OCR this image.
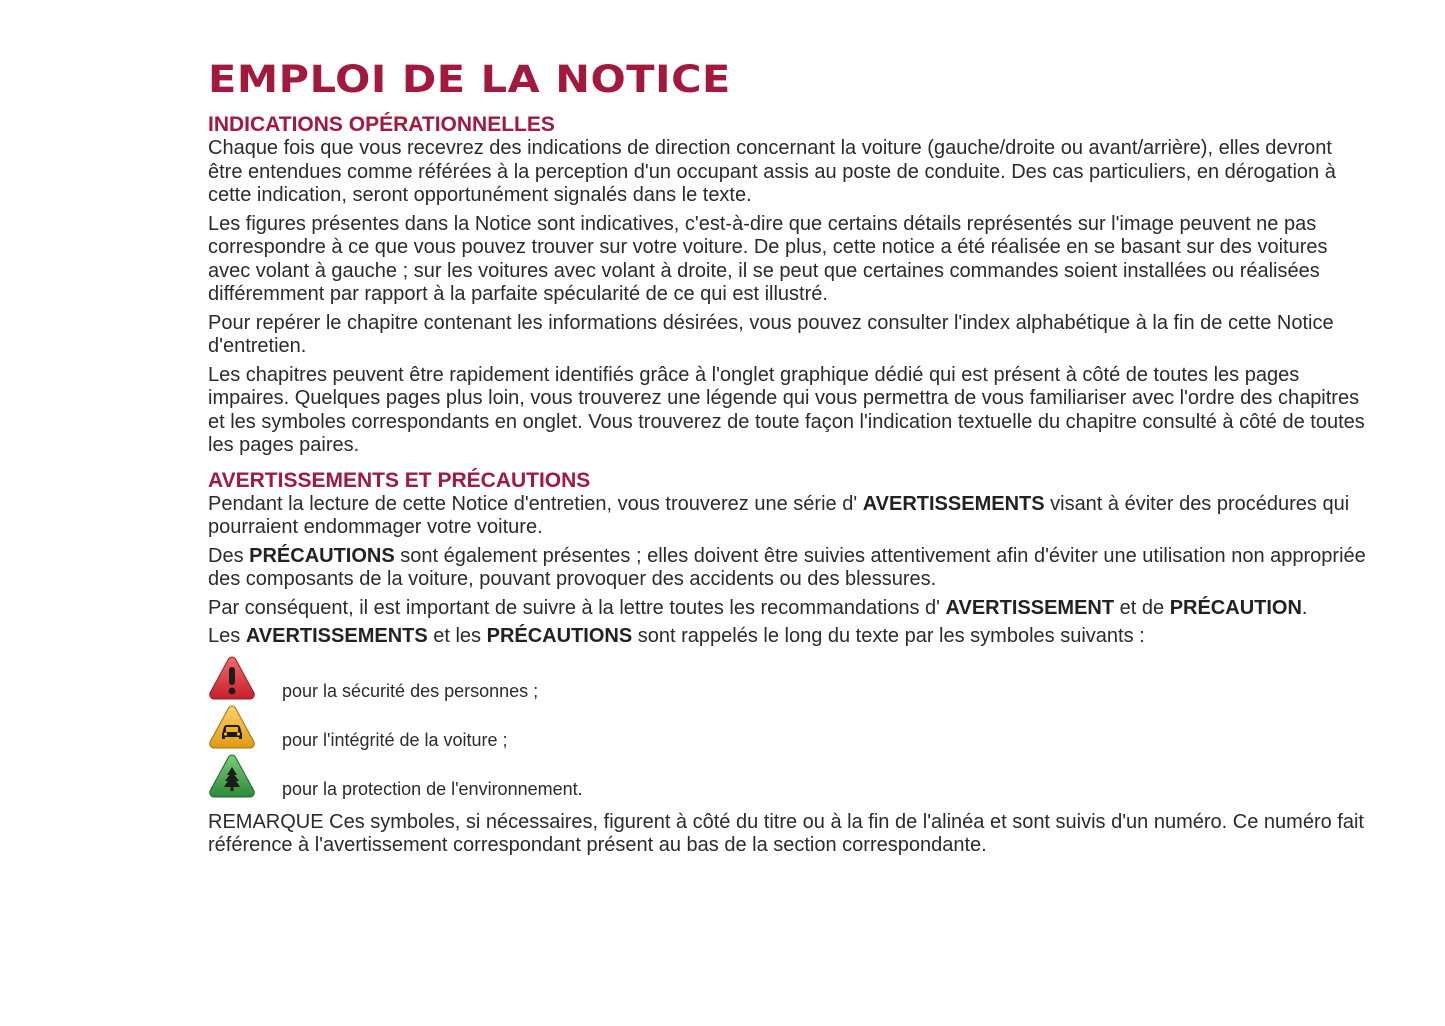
EMPLOI DE LA NOTICE
INDICATIONS OPÉRATIONNELLES

Chaque fois que vous recevrez des indications de direction concernant la voiture (gauche/droite ou avant/arrière), elles devront être entendues comme référées à la perception d'un occupant assis au poste de conduite. Des cas particuliers, en dérogation à cette indication, seront opportunément signalés dans le texte.

Les figures présentes dans la Notice sont indicatives, c'est-à-dire que certains détails représentés sur l'image peuvent ne pas correspondre à ce que vous pouvez trouver sur votre voiture. De plus, cette notice a été réalisée en se basant sur des voitures avec volant à gauche ; sur les voitures avec volant à droite, il se peut que certaines commandes soient installées ou réalisées différemment par rapport à la parfaite spécularité de ce qui est illustré.

Pour repérer le chapitre contenant les informations désirées, vous pouvez consulter l'index alphabétique à la fin de cette Notice d'entretien.

Les chapitres peuvent être rapidement identifiés grâce à l'onglet graphique dédié qui est présent à côté de toutes les pages impaires. Quelques pages plus loin, vous trouverez une légende qui vous permettra de vous familiariser avec l'ordre des chapitres et les symboles correspondants en onglet. Vous trouverez de toute façon l'indication textuelle du chapitre consulté à côté de toutes les pages paires.

AVERTISSEMENTS ET PRÉCAUTIONS

Pendant la lecture de cette Notice d'entretien, vous trouverez une série d' AVERTISSEMENTS visant à éviter des procédures qui pourraient endommager votre voiture.

Des PRÉCAUTIONS sont également présentes ; elles doivent être suivies attentivement afin d'éviter une utilisation non appropriée des composants de la voiture, pouvant provoquer des accidents ou des blessures.

Par conséquent, il est important de suivre à la lettre toutes les recommandations d' AVERTISSEMENT et de PRÉCAUTION.

Les AVERTISSEMENTS et les PRÉCAUTIONS sont rappelés le long du texte par les symboles suivants :

pour la sécurité des personnes ;
pour l'intégrité de la voiture ;
pour la protection de l'environnement.

REMARQUE Ces symboles, si nécessaires, figurent à côté du titre ou à la fin de l'alinéa et sont suivis d'un numéro. Ce numéro fait référence à l'avertissement correspondant présent au bas de la section correspondante.
